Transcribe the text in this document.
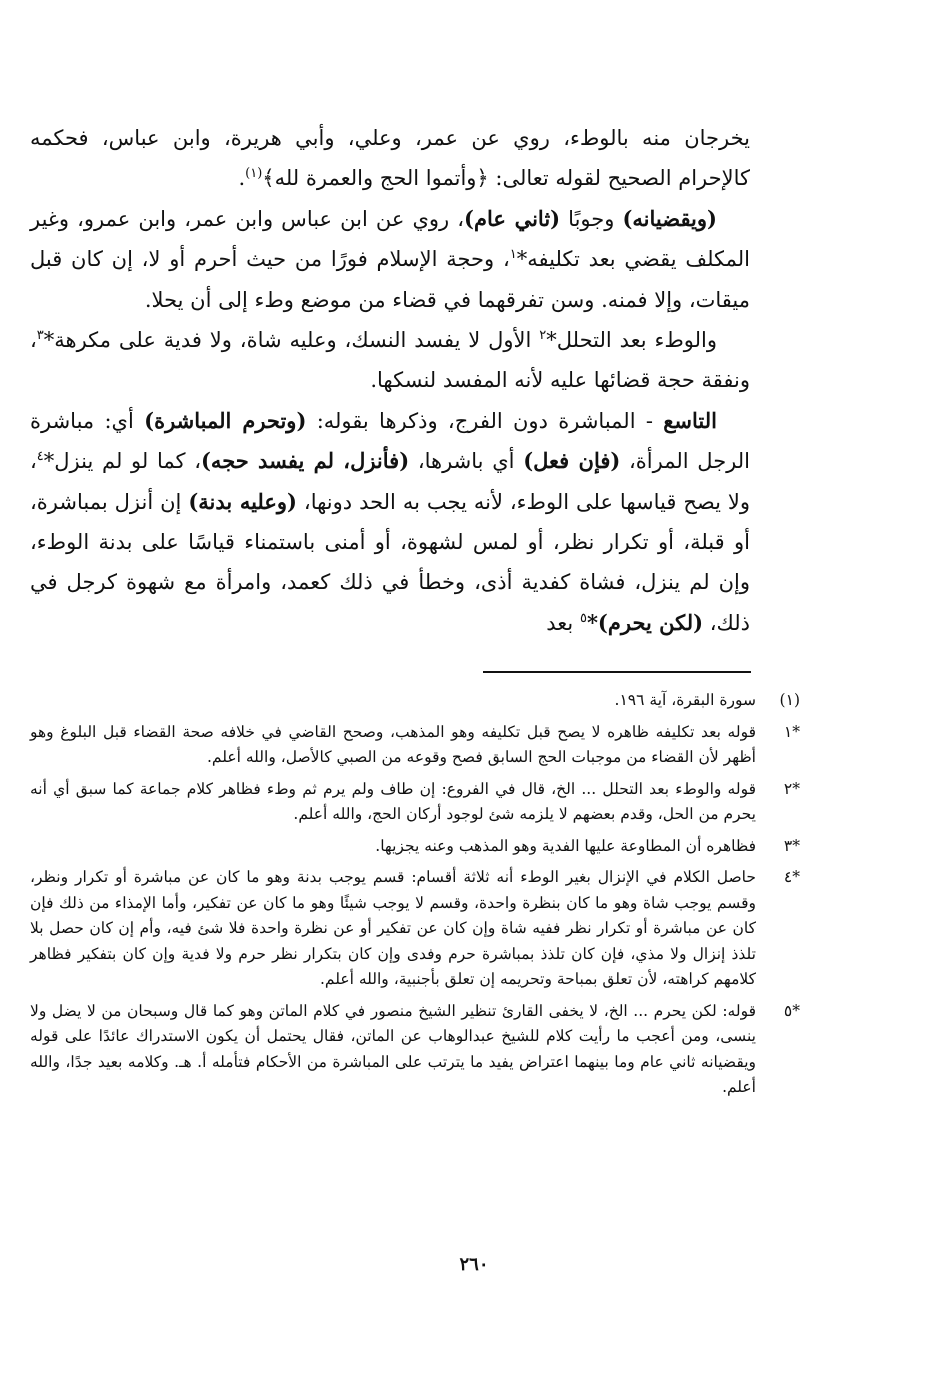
يخرجان منه بالوطء، روي عن عمر، وعلي، وأبي هريرة، وابن عباس، فحكمه كالإحرام الصحيح لقوله تعالى: ﴿وأتموا الحج والعمرة لله﴾$^{(١)}$.

(ويقضيانه) وجوبًا (ثاني عام)، روي عن ابن عباس وابن عمر، وابن عمرو، وغير المكلف يقضي بعد تكليفه*$^١$، وحجة الإسلام فورًا من حيث أحرم أو لا، إن كان قبل ميقات، وإلا فمنه. وسن تفرقهما في قضاء من موضع وطء إلى أن يحلا.

والوطء بعد التحلل*$^٢$ الأول لا يفسد النسك، وعليه شاة، ولا فدية على مكرهة*$^٣$، ونفقة حجة قضائها عليه لأنه المفسد لنسكها.

التاسع - المباشرة دون الفرج، وذكرها بقوله: (وتحرم المباشرة) أي: مباشرة الرجل المرأة، (فإن فعل) أي باشرها، (فأنزل، لم يفسد حجه)، كما لو لم ينزل*$^٤$، ولا يصح قياسها على الوطء، لأنه يجب به الحد دونها، (وعليه بدنة) إن أنزل بمباشرة، أو قبلة، أو تكرار نظر، أو لمس لشهوة، أو أمنى باستمناء قياسًا على بدنة الوطء، وإن لم ينزل، فشاة كفدية أذى، وخطأ في ذلك كعمد، وامرأة مع شهوة كرجل في ذلك، (لكن يحرم)*$^٥$ بعد

(١)
سورة البقرة، آية ١٩٦.
*١
قوله بعد تكليفه ظاهره لا يصح قبل تكليفه وهو المذهب، وصحح القاضي في خلافه صحة القضاء قبل البلوغ وهو أظهر لأن القضاء من موجبات الحج السابق فصح وقوعه من الصبي كالأصل، والله أعلم.
*٢
قوله والوطء بعد التحلل ... الخ، قال في الفروع: إن طاف ولم يرم ثم وطء فظاهر كلام جماعة كما سبق أي أنه يحرم من الحل، وقدم بعضهم لا يلزمه شئ لوجود أركان الحج، والله أعلم.
*٣
فظاهره أن المطاوعة عليها الفدية وهو المذهب وعنه يجزيها.
*٤
حاصل الكلام في الإنزال بغير الوطء أنه ثلاثة أقسام: قسم يوجب بدنة وهو ما كان عن مباشرة أو تكرار ونظر، وقسم يوجب شاة وهو ما كان بنظرة واحدة، وقسم لا يوجب شيئًا وهو ما كان عن تفكير، وأما الإمذاء من ذلك فإن كان عن مباشرة أو تكرار نظر ففيه شاة وإن كان عن تفكير أو عن نظرة واحدة فلا شئ فيه، وأم إن كان حصل بلا تلذذ إنزال ولا مذي، فإن كان تلذذ بمباشرة حرم وفدى وإن كان بتكرار نظر حرم ولا فدية وإن كان بتفكير فظاهر كلامهم كراهته، لأن تعلق بمباحة وتحريمه إن تعلق بأجنبية، والله أعلم.
*٥
قوله: لكن يحرم ... الخ، لا يخفى القارئ تنظير الشيخ منصور في كلام الماتن وهو كما قال وسبحان من لا يضل ولا ينسى، ومن أعجب ما رأيت كلام للشيخ عبدالوهاب عن الماتن، فقال يحتمل أن يكون الاستدراك عائدًا على قوله ويقضيانه ثاني عام وما بينهما اعتراض يفيد ما يترتب على المباشرة من الأحكام فتأمله أ. هـ. وكلامه بعيد جدًا، والله أعلم.
٢٦٠
